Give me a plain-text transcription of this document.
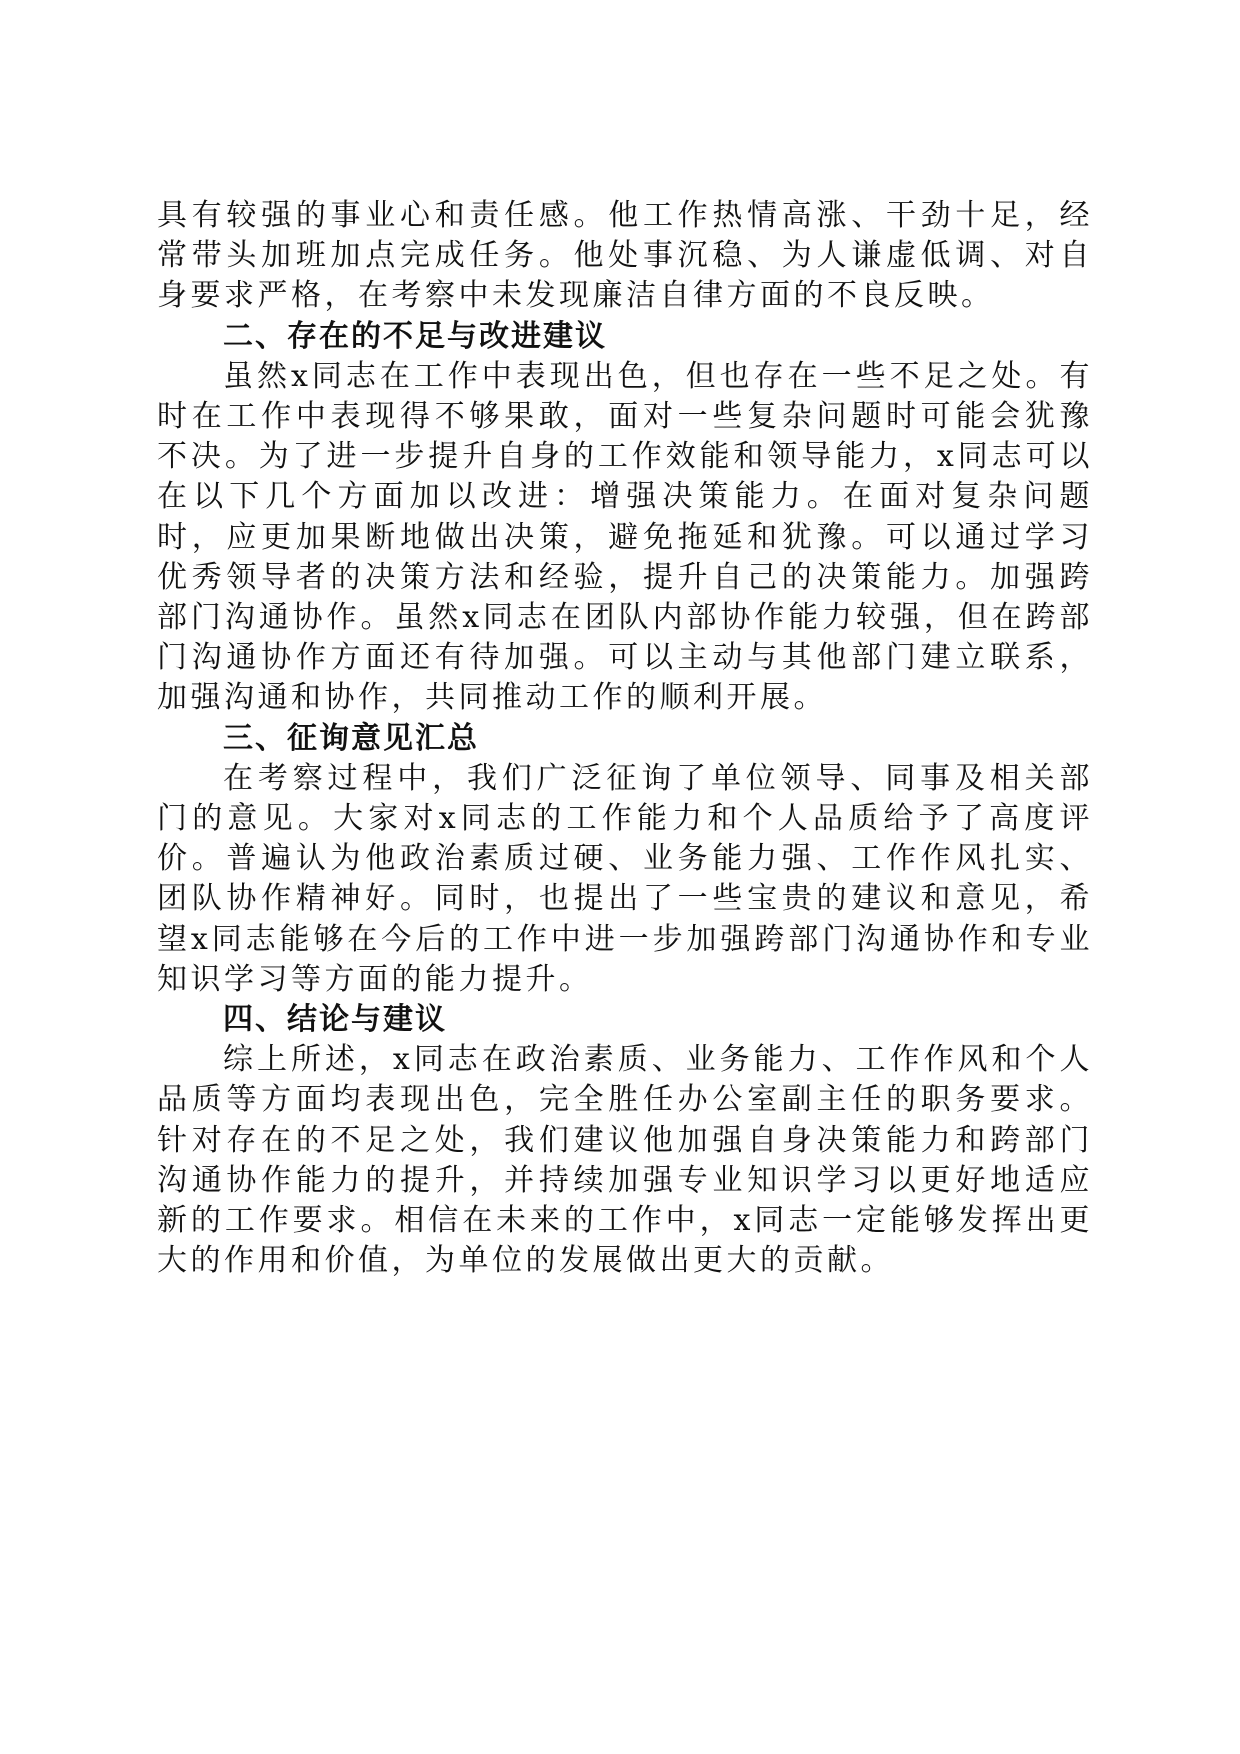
具有较强的事业心和责任感。他工作热情高涨、干劲十足，经常带头加班加点完成任务。他处事沉稳、为人谦虚低调、对自身要求严格，在考察中未发现廉洁自律方面的不良反映。

二、存在的不足与改进建议

虽然x同志在工作中表现出色，但也存在一些不足之处。有时在工作中表现得不够果敢，面对一些复杂问题时可能会犹豫不决。为了进一步提升自身的工作效能和领导能力，x同志可以在以下几个方面加以改进：增强决策能力。在面对复杂问题时，应更加果断地做出决策，避免拖延和犹豫。可以通过学习优秀领导者的决策方法和经验，提升自己的决策能力。加强跨部门沟通协作。虽然x同志在团队内部协作能力较强，但在跨部门沟通协作方面还有待加强。可以主动与其他部门建立联系，加强沟通和协作，共同推动工作的顺利开展。

三、征询意见汇总

在考察过程中，我们广泛征询了单位领导、同事及相关部门的意见。大家对x同志的工作能力和个人品质给予了高度评价。普遍认为他政治素质过硬、业务能力强、工作作风扎实、团队协作精神好。同时，也提出了一些宝贵的建议和意见，希望x同志能够在今后的工作中进一步加强跨部门沟通协作和专业知识学习等方面的能力提升。

四、结论与建议

综上所述，x同志在政治素质、业务能力、工作作风和个人品质等方面均表现出色，完全胜任办公室副主任的职务要求。针对存在的不足之处，我们建议他加强自身决策能力和跨部门沟通协作能力的提升，并持续加强专业知识学习以更好地适应新的工作要求。相信在未来的工作中，x同志一定能够发挥出更大的作用和价值，为单位的发展做出更大的贡献。
